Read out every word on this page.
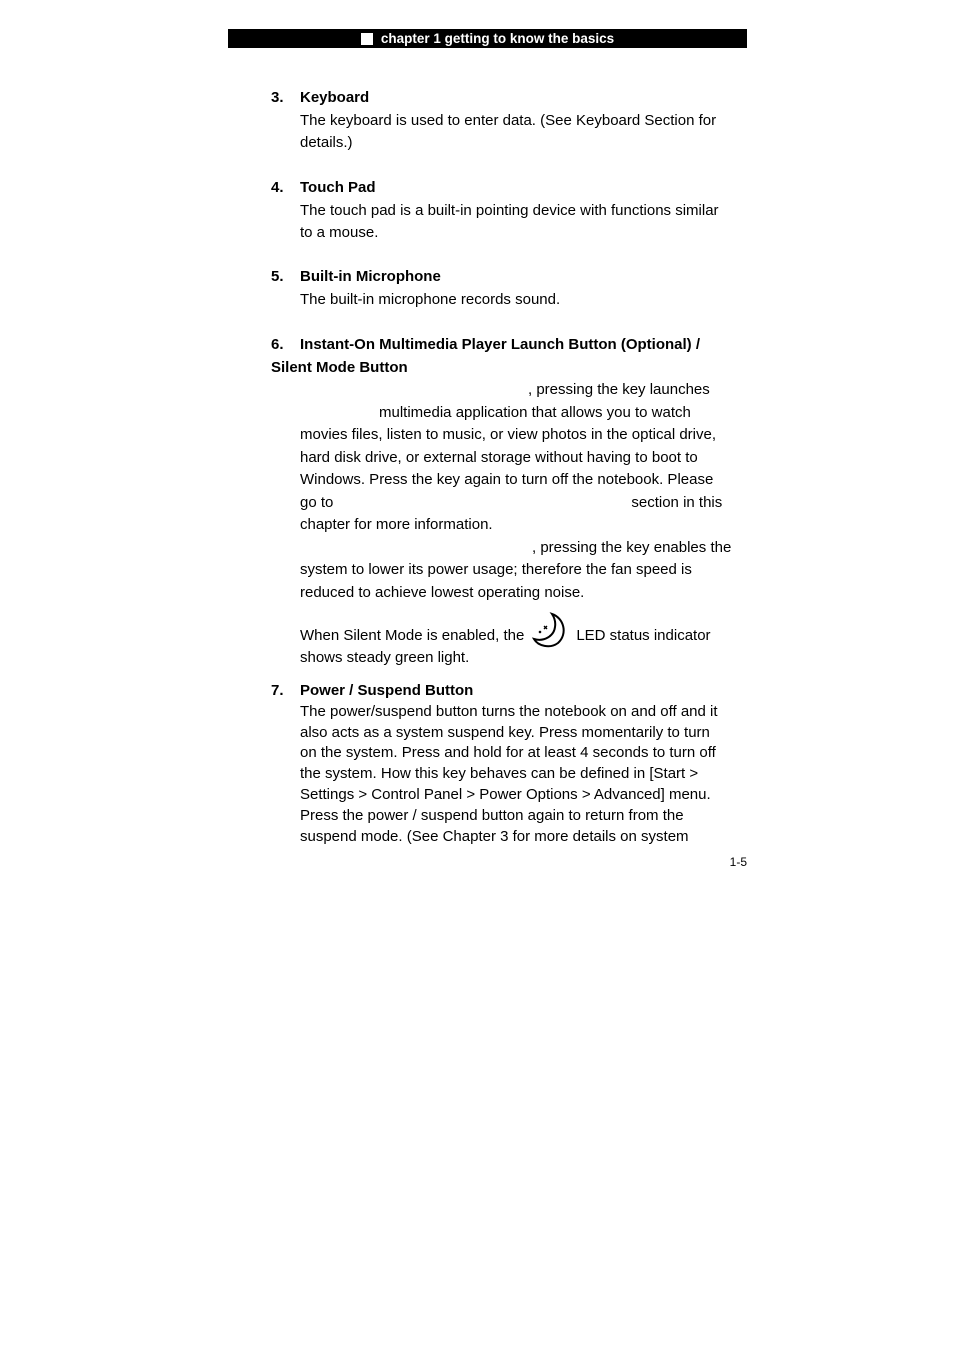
chapter 1 getting to know the basics
3. Keyboard
The keyboard is used to enter data. (See Keyboard Section for
details.)
4. Touch Pad
The touch pad is a built-in pointing device with functions similar
to a mouse.
5. Built-in Microphone
The built-in microphone records sound.
6. Instant-On Multimedia Player Launch Button (Optional) /
Silent Mode Button
, pressing the key launches
multimedia application that allows you to watch
movies files, listen to music, or view photos in the optical drive,
hard disk drive, or external storage without having to boot to
Windows. Press the key again to turn off the notebook. Please
go to	section in this
chapter for more information.
, pressing the key enables the
system to lower its power usage; therefore the fan speed is
reduced to achieve lowest operating noise.
When Silent Mode is enabled, the	LED status indicator
shows steady green light.
7. Power / Suspend Button
The power/suspend button turns the notebook on and off and it
also acts as a system suspend key. Press momentarily to turn
on the system. Press and hold for at least 4 seconds to turn off
the system. How this key behaves can be defined in [Start >
Settings > Control Panel > Power Options > Advanced] menu.
Press the power / suspend button again to return from the
suspend mode. (See Chapter 3 for more details on system
1-5
